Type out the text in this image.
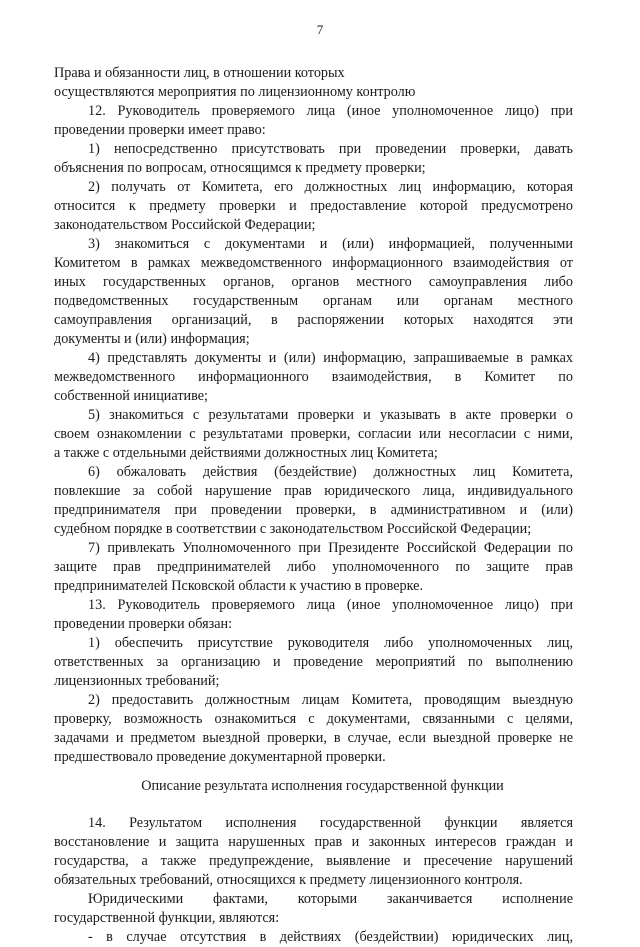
7
Права и обязанности лиц, в отношении которых
осуществляются мероприятия по лицензионному контролю
12. Руководитель проверяемого лица (иное уполномоченное лицо) при
проведении проверки имеет право:
1) непосредственно присутствовать при проведении проверки, давать
объяснения по вопросам, относящимся к предмету проверки;
2) получать от Комитета, его должностных лиц информацию, которая
относится к предмету проверки и предоставление которой предусмотрено
законодательством Российской Федерации;
3) знакомиться с документами и (или) информацией, полученными
Комитетом в рамках межведомственного информационного взаимодействия от
иных государственных органов, органов местного самоуправления либо
подведомственных государственным органам или органам местного
самоуправления организаций, в распоряжении которых находятся эти
документы и (или) информация;
4) представлять документы и (или) информацию, запрашиваемые в рамках
межведомственного информационного взаимодействия, в Комитет по
собственной инициативе;
5) знакомиться с результатами проверки и указывать в акте проверки о
своем ознакомлении с результатами проверки, согласии или несогласии с ними,
а также с отдельными действиями должностных лиц Комитета;
6) обжаловать действия (бездействие) должностных лиц Комитета,
повлекшие за собой нарушение прав юридического лица, индивидуального
предпринимателя при проведении проверки, в административном и (или)
судебном порядке в соответствии с законодательством Российской Федерации;
7) привлекать Уполномоченного при Президенте Российской Федерации по
защите прав предпринимателей либо уполномоченного по защите прав
предпринимателей Псковской области к участию в проверке.
13. Руководитель проверяемого лица (иное уполномоченное лицо) при
проведении проверки обязан:
1) обеспечить присутствие руководителя либо уполномоченных лиц,
ответственных за организацию и проведение мероприятий по выполнению
лицензионных требований;
2) предоставить должностным лицам Комитета, проводящим выездную
проверку, возможность ознакомиться с документами, связанными с целями,
задачами и предметом выездной проверки, в случае, если выездной проверке не
предшествовало проведение документарной проверки.
Описание результата исполнения государственной функции
14. Результатом исполнения государственной функции является
восстановление и защита нарушенных прав и законных интересов граждан и
государства, а также предупреждение, выявление и пресечение нарушений
обязательных требований, относящихся к предмету лицензионного контроля.
Юридическими фактами, которыми заканчивается исполнение
государственной функции, являются:
- в случае отсутствия в действиях (бездействии) юридических лиц,
